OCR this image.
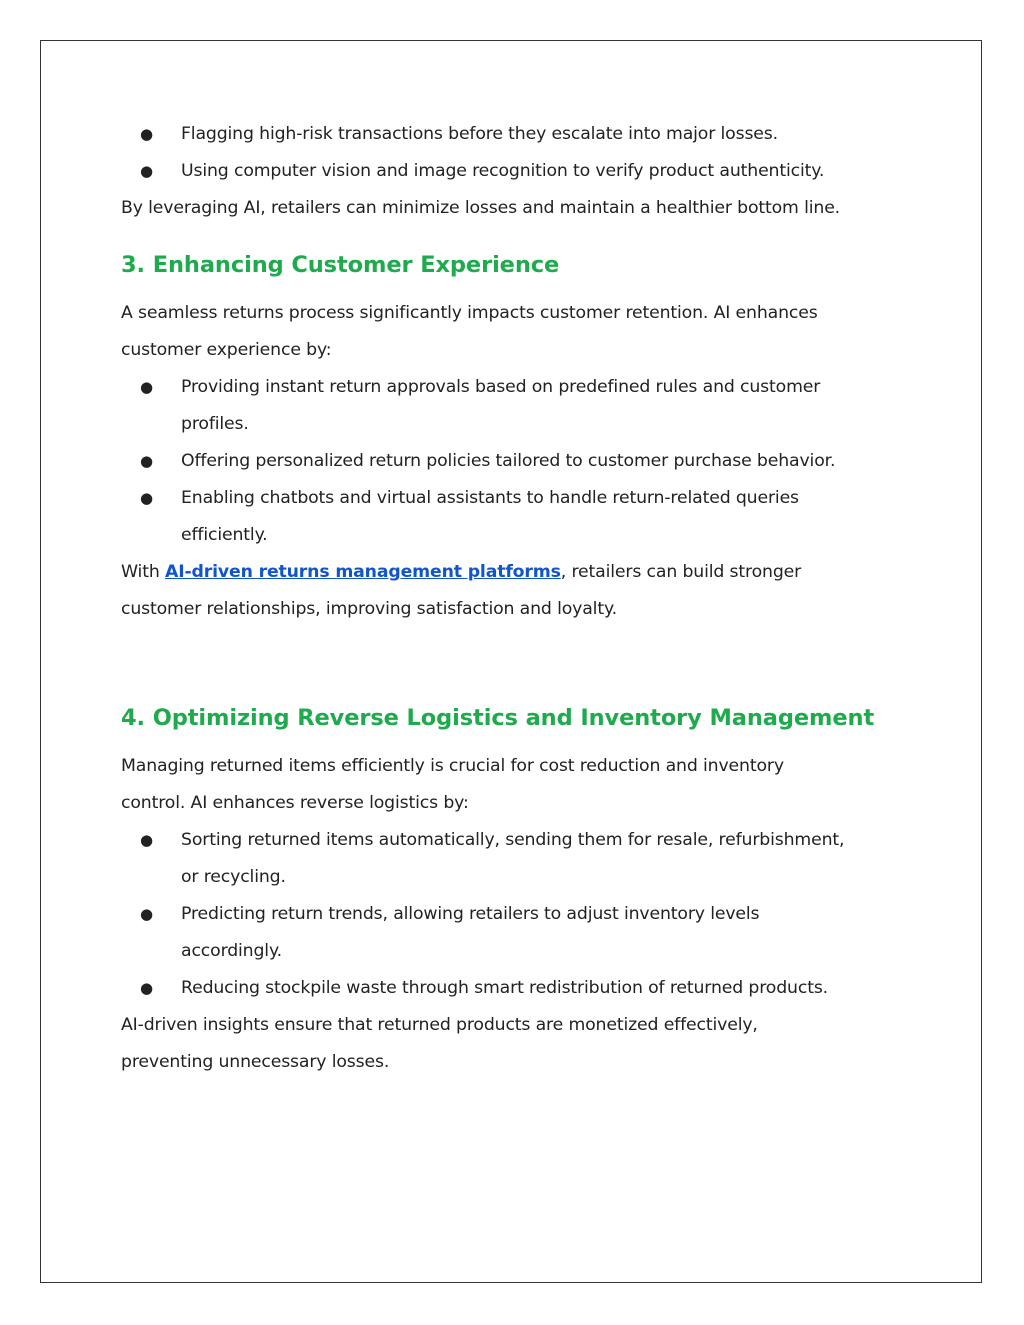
● Flagging high-risk transactions before they escalate into major losses.

● Using computer vision and image recognition to verify product authenticity.

By leveraging AI, retailers can minimize losses and maintain a healthier bottom line.

3. Enhancing Customer Experience

A seamless returns process significantly impacts customer retention. AI enhances

customer experience by:

● Providing instant return approvals based on predefined rules and customer

profiles.

● Offering personalized return policies tailored to customer purchase behavior.

● Enabling chatbots and virtual assistants to handle return-related queries

efficiently.

With AI-driven returns management platforms, retailers can build stronger

customer relationships, improving satisfaction and loyalty.

4. Optimizing Reverse Logistics and Inventory Management

Managing returned items efficiently is crucial for cost reduction and inventory

control. AI enhances reverse logistics by:

● Sorting returned items automatically, sending them for resale, refurbishment,

or recycling.

● Predicting return trends, allowing retailers to adjust inventory levels

accordingly.

● Reducing stockpile waste through smart redistribution of returned products.

AI-driven insights ensure that returned products are monetized effectively,

preventing unnecessary losses.
